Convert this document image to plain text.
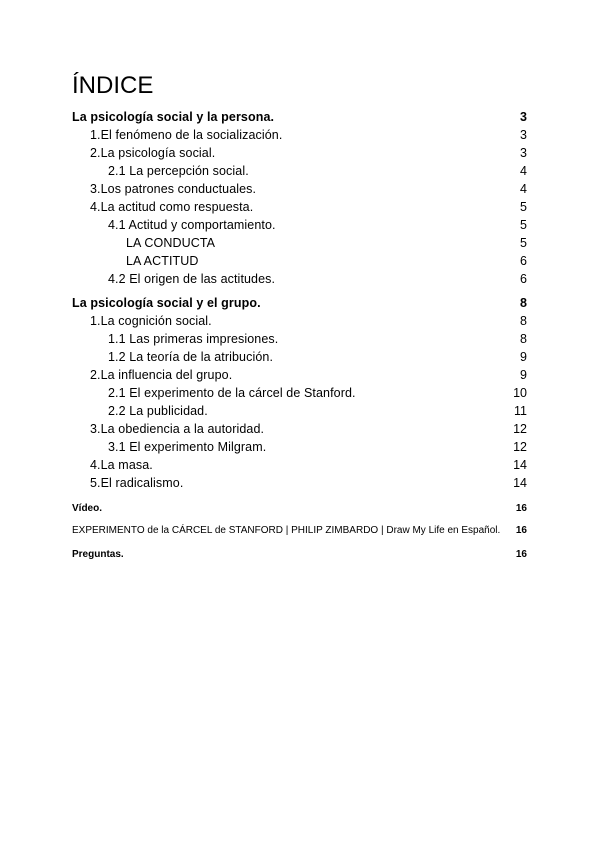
ÍNDICE
La psicología social y la persona.	3
1.El fenómeno de la socialización.	3
2.La psicología social.	3
2.1 La percepción social.	4
3.Los patrones conductuales.	4
4.La actitud como respuesta.	5
4.1 Actitud y comportamiento.	5
LA CONDUCTA	5
LA ACTITUD	6
4.2 El origen de las actitudes.	6
La psicología social y el grupo.	8
1.La cognición social.	8
1.1 Las primeras impresiones.	8
1.2 La teoría de la atribución.	9
2.La influencia del grupo.	9
2.1 El experimento de la cárcel de Stanford.	10
2.2 La publicidad.	11
3.La obediencia a la autoridad.	12
3.1 El experimento Milgram.	12
4.La masa.	14
5.El radicalismo.	14
Vídeo.	16
EXPERIMENTO de la CÁRCEL de STANFORD | PHILIP ZIMBARDO | Draw My Life en Español. 16
Preguntas.	16
